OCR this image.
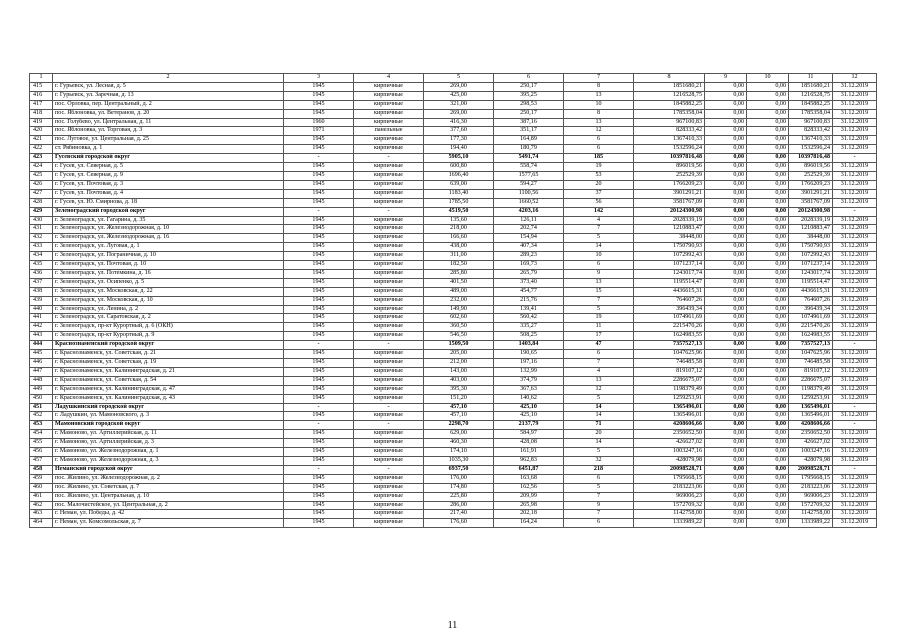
1	2	3	4	5	6	7	8	9	10	11	12
415	г. Гурьевск, ул. Лесная, д. 5	1945	кирпичные	269,00	250,17	8	1851680,21	0,00	0,00	1851680,21	31.12.2019
416	г. Гурьевск, ул. Заречная, д. 13	1945	кирпичные	425,00	395,25	13	1216528,75	0,00	0,00	1216528,75	31.12.2019
417	пос. Орловка, пер. Центральный, д. 2	1945	кирпичные	321,00	298,53	10	1845882,25	0,00	0,00	1845882,25	31.12.2019
418	пос. Яблоновка, ул. Ветеранов, д. 20	1945	кирпичные	269,00	250,17	8	1785358,04	0,00	0,00	1785358,04	31.12.2019
419	пос. Голубево, ул. Центральная, д. 11	1960	кирпичные	416,30	387,16	13	967100,83	0,00	0,00	967100,83	31.12.2019
420	пос. Яблоновка, ул. Торговая, д. 3	1971	панельные	377,60	351,17	12	828333,42	0,00	0,00	828333,42	31.12.2019
421	пос. Луговое, ул. Центральная, д. 25	1945	кирпичные	177,30	164,89	6	1367410,33	0,00	0,00	1367410,33	31.12.2019
422	ст. Рябиновка, д. 1	1945	кирпичные	194,40	180,79	6	1532596,24	0,00	0,00	1532596,24	31.12.2019
423	Гусевский городской округ	-	-	5905,10	5491,74	185	10397816,48	0,00	0,00	10397816,48	-
424	г. Гусев, ул. Северная, д. 5	1945	кирпичные	600,80	558,74	19	896019,56	0,00	0,00	896019,56	31.12.2019
425	г. Гусев, ул. Северная, д. 9	1945	кирпичные	1696,40	1577,65	53	252529,39	0,00	0,00	252529,39	31.12.2019
426	г. Гусев, ул. Почтовая, д. 3	1945	кирпичные	639,00	594,27	20	1766209,23	0,00	0,00	1766209,23	31.12.2019
427	г. Гусев, ул. Почтовая, д. 4	1945	кирпичные	1183,40	1100,56	37	3901291,21	0,00	0,00	3901291,21	31.12.2019
428	г. Гусев, ул. Ю. Смирнова, д. 18	1945	кирпичные	1785,50	1660,52	56	3581767,09	0,00	0,00	3581767,09	31.12.2019
429	Зеленоградский городской округ	-	-	4519,50	4203,16	142	20124300,98	0,00	0,00	20124300,98	-
430	г. Зеленоградск, ул. Гагарина, д. 35	1945	кирпичные	135,60	126,11	4	2028339,19	0,00	0,00	2028339,19	31.12.2019
431	г. Зеленоградск, ул. Железнодорожная, д. 10	1945	кирпичные	218,00	202,74	7	1210883,47	0,00	0,00	1210883,47	31.12.2019
432	г. Зеленоградск, ул. Железнодорожная, д. 16	1945	кирпичные	166,60	154,94	5	38448,00	0,00	0,00	38448,00	31.12.2019
433	г. Зеленоградск, ул. Луговая, д. 1	1945	кирпичные	438,00	407,34	14	1750790,93	0,00	0,00	1750790,93	31.12.2019
434	г. Зеленоградск, ул. Пограничная, д. 10	1945	кирпичные	311,00	289,23	10	1072992,43	0,00	0,00	1072992,43	31.12.2019
435	г. Зеленоградск, ул. Почтовая, д. 10	1945	кирпичные	182,50	169,73	6	1071237,14	0,00	0,00	1071237,14	31.12.2019
436	г. Зеленоградск, ул. Потемкина, д. 16	1945	кирпичные	285,80	265,79	9	1243017,74	0,00	0,00	1243017,74	31.12.2019
437	г. Зеленоградск, ул. Осипенко, д. 5	1945	кирпичные	401,50	373,40	13	1195514,47	0,00	0,00	1195514,47	31.12.2019
438	г. Зеленоградск, ул. Московская, д. 22	1945	кирпичные	489,00	454,77	15	4436615,31	0,00	0,00	4436615,31	31.12.2019
439	г. Зеленоградск, ул. Московская, д. 10	1945	кирпичные	232,00	215,76	7	764607,26	0,00	0,00	764607,26	31.12.2019
440	г. Зеленоградск, ул. Ленина, д. 2	1945	кирпичные	149,90	139,41	5	396439,34	0,00	0,00	396439,34	31.12.2019
441	г. Зеленоградск, ул. Саратовская, д. 2	1945	кирпичные	602,60	560,42	19	1074961,69	0,00	0,00	1074961,69	31.12.2019
442	г. Зеленоградск, пр-кт Курортный, д. 6 (ОКН)	1945	кирпичные	360,50	335,27	11	2215470,26	0,00	0,00	2215470,26	31.12.2019
443	г. Зеленоградск, пр-кт Курортный, д. 9	1945	кирпичные	546,50	508,25	17	1624983,55	0,00	0,00	1624983,55	31.12.2019
444	Краснознаменский городской округ	-	-	1509,50	1403,84	47	7357527,13	0,00	0,00	7357527,13	-
445	г. Краснознаменск, ул. Советская, д. 21	1945	кирпичные	205,00	190,65	6	1047625,96	0,00	0,00	1047625,96	31.12.2019
446	г. Краснознаменск, ул. Советская, д. 19	1945	кирпичные	212,00	197,16	7	746485,58	0,00	0,00	746485,58	31.12.2019
447	г. Краснознаменск, ул. Калининградская, д. 21	1945	кирпичные	143,00	132,99	4	819107,12	0,00	0,00	819107,12	31.12.2019
448	г. Краснознаменск, ул. Советская, д. 54	1945	кирпичные	403,00	374,79	13	2286675,07	0,00	0,00	2286675,07	31.12.2019
449	г. Краснознаменск, ул. Калининградская, д. 47	1945	кирпичные	395,30	367,63	12	1198379,49	0,00	0,00	1198379,49	31.12.2019
450	г. Краснознаменск, ул. Калининградская, д. 43	1945	кирпичные	151,20	140,62	5	1259253,91	0,00	0,00	1259253,91	31.12.2019
451	Ладушкинский городской округ	-	-	457,10	425,10	14	1365496,01	0,00	0,00	1365496,01	-
452	г. Ладушкин, ул. Мамоновского, д. 3	1945	кирпичные	457,10	425,10	14	1365496,01	0,00	0,00	1365496,01	31.12.2019
453	Мамоновский городской округ	-	-	2298,70	2137,79	71	4208606,66	0,00	0,00	4208606,66	-
454	г. Мамоново, ул. Артиллерийская, д. 11	1945	кирпичные	629,00	584,97	20	2350652,50	0,00	0,00	2350652,50	31.12.2019
455	г. Мамоново, ул. Артиллерийская, д. 3	1945	кирпичные	460,30	428,08	14	426627,02	0,00	0,00	426627,02	31.12.2019
456	г. Мамоново, ул. Железнодорожная, д. 1	1945	кирпичные	174,10	161,91	5	1003247,16	0,00	0,00	1003247,16	31.12.2019
457	г. Мамоново, ул. Железнодорожная, д. 3	1945	кирпичные	1035,30	962,83	32	428079,98	0,00	0,00	428079,98	31.12.2019
458	Неманский городской округ	-	-	6937,50	6451,87	218	20098528,71	0,00	0,00	20098528,71	-
459	пос. Жилино, ул. Железнодорожная, д. 2	1945	кирпичные	176,00	163,68	6	1795668,15	0,00	0,00	1795668,15	31.12.2019
460	пос. Жилино, ул. Советская, д. 7	1945	кирпичные	174,80	162,56	5	2183223,06	0,00	0,00	2183223,06	31.12.2019
461	пос. Жилино, ул. Центральная, д. 10	1945	кирпичные	225,80	209,99	7	969006,23	0,00	0,00	969006,23	31.12.2019
462	пос. Малочистейское, ул. Центральная, д. 2	1945	кирпичные	286,00	265,98	9	1572709,32	0,00	0,00	1572709,32	31.12.2019
463	г. Неман, ул. Победы, д. 42	1945	кирпичные	217,40	202,18	7	1142758,00	0,00	0,00	1142758,00	31.12.2019
464	г. Неман, ул. Комсомольская, д. 7	1945	кирпичные	176,60	164,24	6	1333989,22	0,00	0,00	1333989,22	31.12.2019
11
